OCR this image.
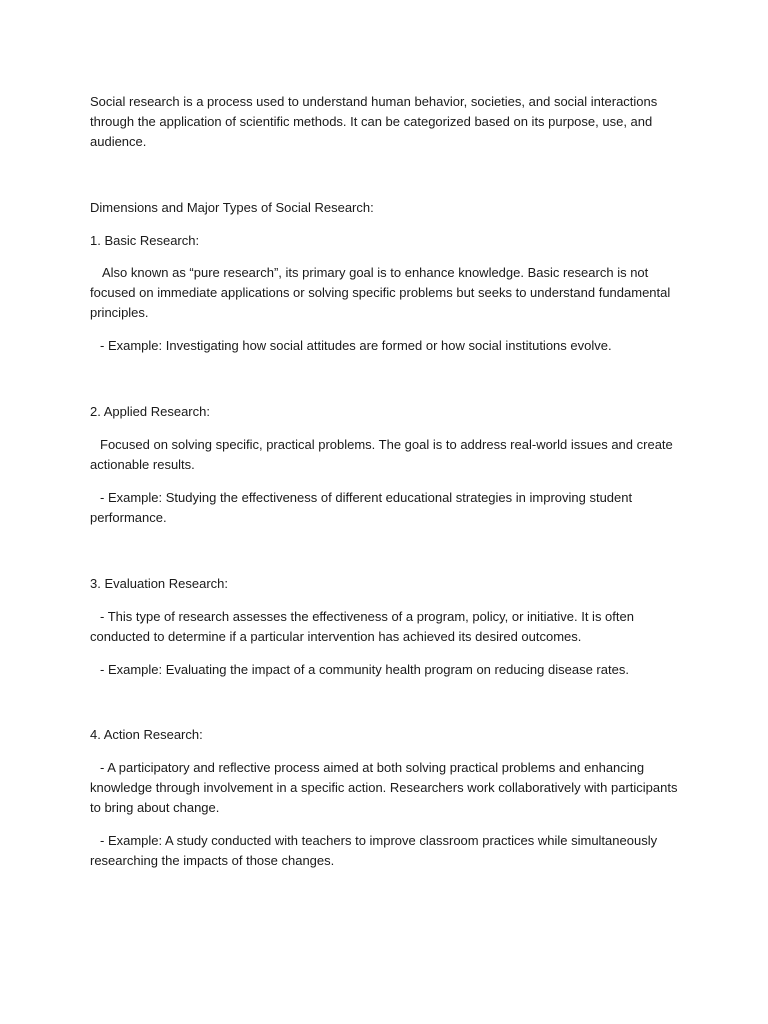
Social research is a process used to understand human behavior, societies, and social interactions through the application of scientific methods. It can be categorized based on its purpose, use, and audience.

Dimensions and Major Types of Social Research:

1. Basic Research:

Also known as “pure research”, its primary goal is to enhance knowledge. Basic research is not focused on immediate applications or solving specific problems but seeks to understand fundamental principles.

- Example: Investigating how social attitudes are formed or how social institutions evolve.

2. Applied Research:

Focused on solving specific, practical problems. The goal is to address real-world issues and create actionable results.

- Example: Studying the effectiveness of different educational strategies in improving student performance.

3. Evaluation Research:

- This type of research assesses the effectiveness of a program, policy, or initiative. It is often conducted to determine if a particular intervention has achieved its desired outcomes.

- Example: Evaluating the impact of a community health program on reducing disease rates.

4. Action Research:

- A participatory and reflective process aimed at both solving practical problems and enhancing knowledge through involvement in a specific action. Researchers work collaboratively with participants to bring about change.

- Example: A study conducted with teachers to improve classroom practices while simultaneously researching the impacts of those changes.
